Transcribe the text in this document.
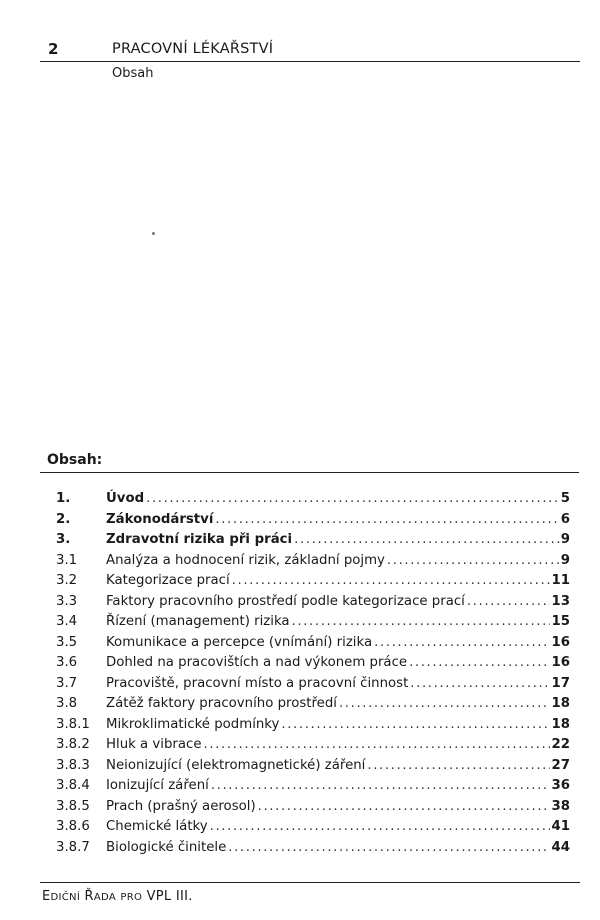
2	PRACOVNÍ LÉKAŘSTVÍ
Obsah
Obsah:
1.	Úvod .....	5
2.	Zákonodárství .....	6
3.	Zdravotní rizika při práci .....	9
3.1	Analýza a hodnocení rizik, základní pojmy .....	9
3.2	Kategorizace prací .....	11
3.3	Faktory pracovního prostředí podle kategorizace prací .....	13
3.4	Řízení (management) rizika .....	15
3.5	Komunikace a percepce (vnímání) rizika .....	16
3.6	Dohled na pracovištích a nad výkonem práce .....	16
3.7	Pracoviště, pracovní místo a pracovní činnost .....	17
3.8	Zátěž faktory pracovního prostředí .....	18
3.8.1	Mikroklimatické podmínky .....	18
3.8.2	Hluk a vibrace .....	22
3.8.3	Neionizující (elektromagnetické) záření .....	27
3.8.4	Ionizující záření .....	36
3.8.5	Prach (prašný aerosol) .....	38
3.8.6	Chemické látky .....	41
3.8.7	Biologické činitele .....	44
EDIČNÍ ŘADA PRO VPL III.
